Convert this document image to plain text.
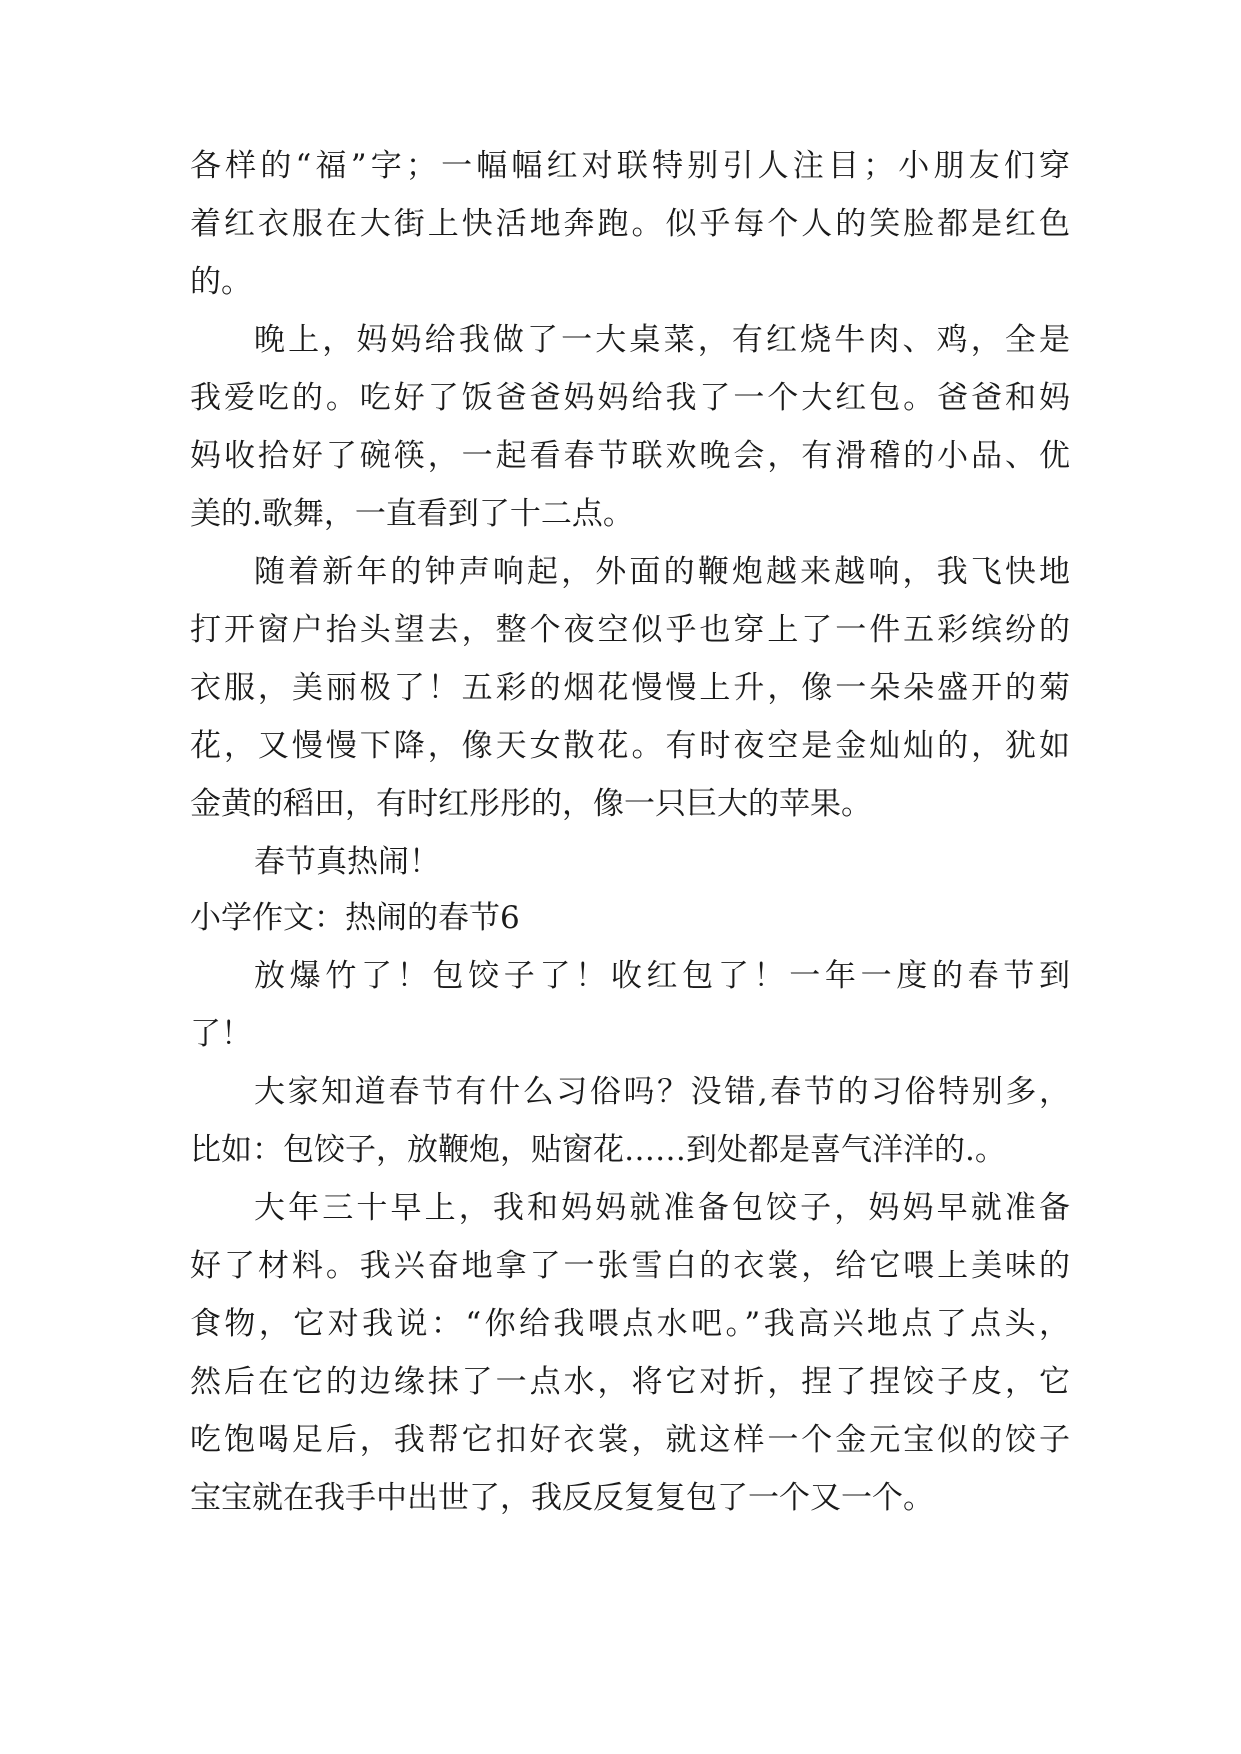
各样的“福”字；一幅幅红对联特别引人注目；小朋友们穿
着红衣服在大街上快活地奔跑。似乎每个人的笑脸都是红色
的。
晚上，妈妈给我做了一大桌菜，有红烧牛肉、鸡，全是
我爱吃的。吃好了饭爸爸妈妈给我了一个大红包。爸爸和妈
妈收拾好了碗筷，一起看春节联欢晚会，有滑稽的小品、优
美的.歌舞，一直看到了十二点。
随着新年的钟声响起，外面的鞭炮越来越响，我飞快地
打开窗户抬头望去，整个夜空似乎也穿上了一件五彩缤纷的
衣服，美丽极了！五彩的烟花慢慢上升，像一朵朵盛开的菊
花，又慢慢下降，像天女散花。有时夜空是金灿灿的，犹如
金黄的稻田，有时红彤彤的，像一只巨大的苹果。
春节真热闹！
小学作文：热闹的春节6
放爆竹了！包饺子了！收红包了！一年一度的春节到
了！
大家知道春节有什么习俗吗？没错,春节的习俗特别多，
比如：包饺子，放鞭炮，贴窗花……到处都是喜气洋洋的.。
大年三十早上，我和妈妈就准备包饺子，妈妈早就准备
好了材料。我兴奋地拿了一张雪白的衣裳，给它喂上美味的
食物，它对我说：“你给我喂点水吧。”我高兴地点了点头，
然后在它的边缘抹了一点水，将它对折，捏了捏饺子皮，它
吃饱喝足后，我帮它扣好衣裳，就这样一个金元宝似的饺子
宝宝就在我手中出世了，我反反复复包了一个又一个。
